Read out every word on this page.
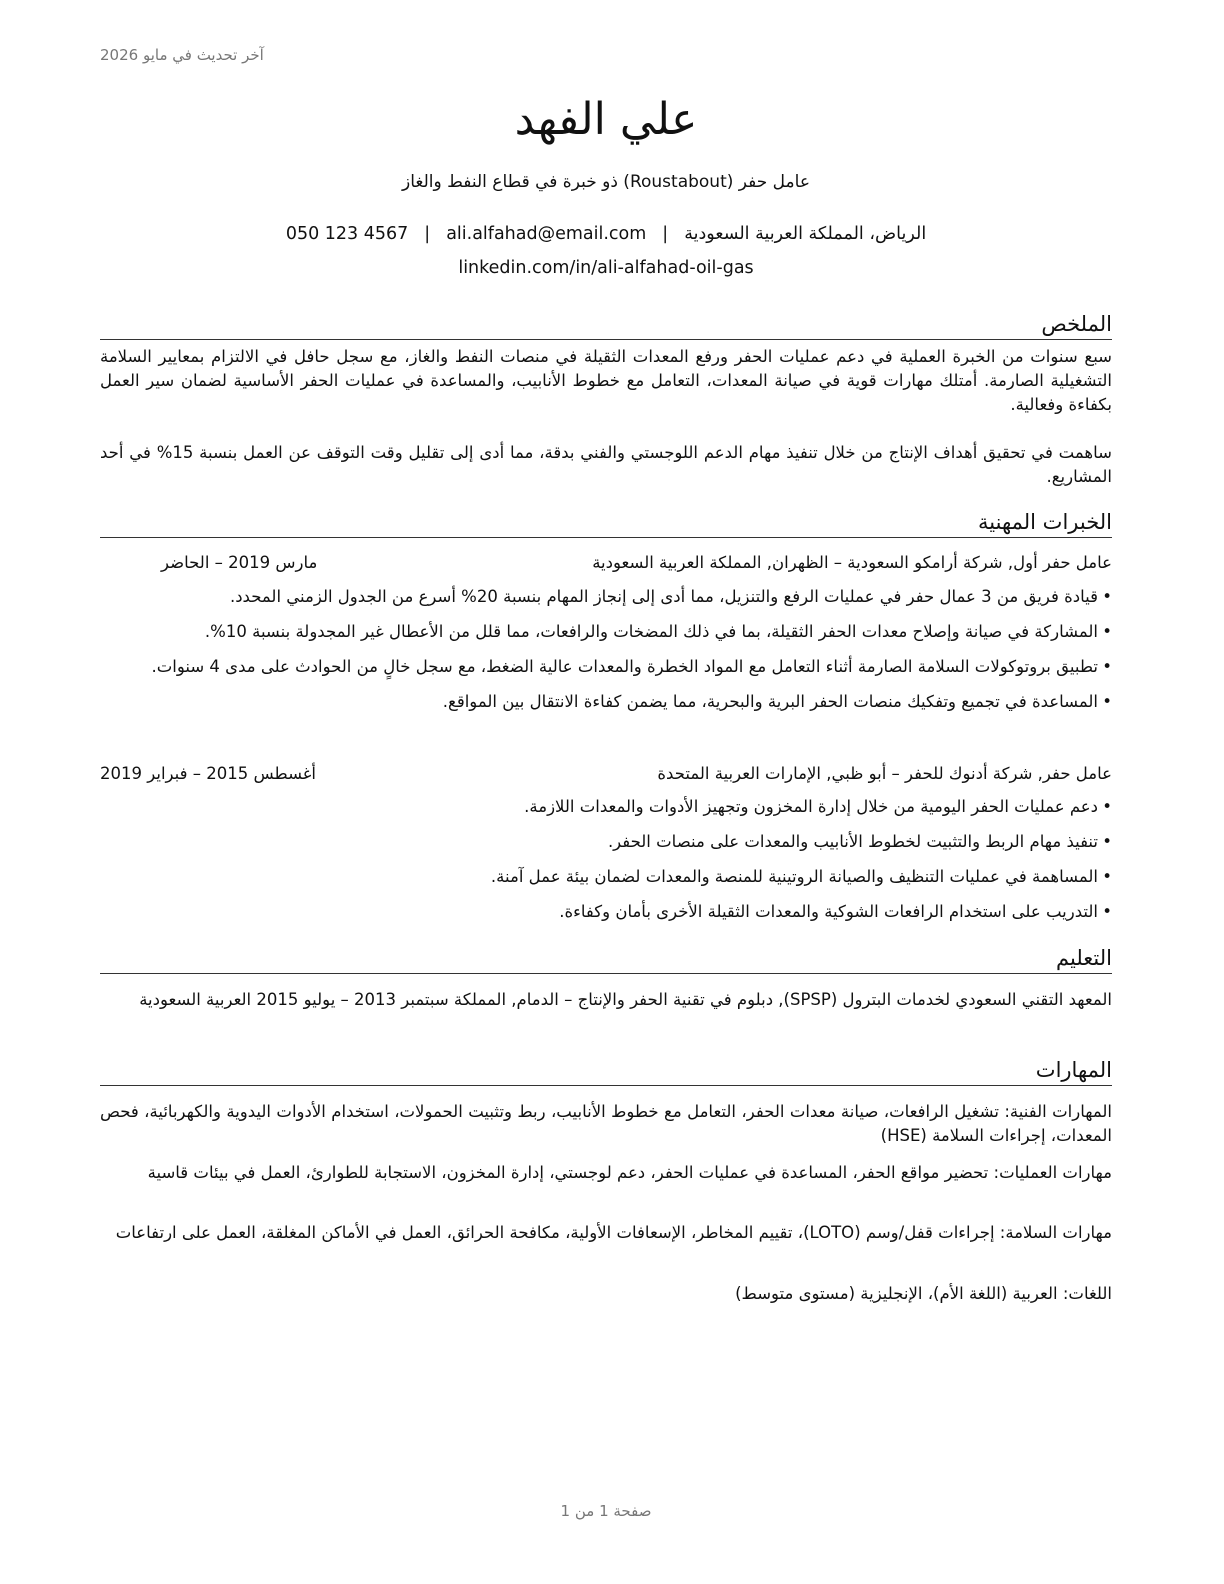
آخر تحديث في مايو 2026
علي الفهد
عامل حفر (Roustabout) ذو خبرة في قطاع النفط والغاز
الرياض، المملكة العربية السعودية|ali.alfahad@email.com|050 123 4567
linkedin.com/in/ali-alfahad-oil-gas
الملخص

سبع سنوات من الخبرة العملية في دعم عمليات الحفر ورفع المعدات الثقيلة في منصات النفط والغاز، مع سجل حافل في الالتزام بمعايير السلامة التشغيلية الصارمة. أمتلك مهارات قوية في صيانة المعدات، التعامل مع خطوط الأنابيب، والمساعدة في عمليات الحفر الأساسية لضمان سير العمل بكفاءة وفعالية.

ساهمت في تحقيق أهداف الإنتاج من خلال تنفيذ مهام الدعم اللوجستي والفني بدقة، مما أدى إلى تقليل وقت التوقف عن العمل بنسبة 15% في أحد المشاريع.

الخبرات المهنية
عامل حفر أول, شركة أرامكو السعودية – الظهران, المملكة العربية السعودية
مارس 2019 – الحاضر
• قيادة فريق من 3 عمال حفر في عمليات الرفع والتنزيل، مما أدى إلى إنجاز المهام بنسبة 20% أسرع من الجدول الزمني المحدد.
• المشاركة في صيانة وإصلاح معدات الحفر الثقيلة، بما في ذلك المضخات والرافعات، مما قلل من الأعطال غير المجدولة بنسبة 10%.
• تطبيق بروتوكولات السلامة الصارمة أثناء التعامل مع المواد الخطرة والمعدات عالية الضغط، مع سجل خالٍ من الحوادث على مدى 4 سنوات.
• المساعدة في تجميع وتفكيك منصات الحفر البرية والبحرية، مما يضمن كفاءة الانتقال بين المواقع.
عامل حفر, شركة أدنوك للحفر – أبو ظبي, الإمارات العربية المتحدة
أغسطس 2015 – فبراير 2019
• دعم عمليات الحفر اليومية من خلال إدارة المخزون وتجهيز الأدوات والمعدات اللازمة.
• تنفيذ مهام الربط والتثبيت لخطوط الأنابيب والمعدات على منصات الحفر.
• المساهمة في عمليات التنظيف والصيانة الروتينية للمنصة والمعدات لضمان بيئة عمل آمنة.
• التدريب على استخدام الرافعات الشوكية والمعدات الثقيلة الأخرى بأمان وكفاءة.
التعليم

المعهد التقني السعودي لخدمات البترول (SPSP), دبلوم في تقنية الحفر والإنتاج – الدمام, المملكة سبتمبر 2013 – يوليو 2015 العربية السعودية

المهارات

المهارات الفنية: تشغيل الرافعات، صيانة معدات الحفر، التعامل مع خطوط الأنابيب، ربط وتثبيت الحمولات، استخدام الأدوات اليدوية والكهربائية، فحص المعدات، إجراءات السلامة (HSE)

مهارات العمليات: تحضير مواقع الحفر، المساعدة في عمليات الحفر، دعم لوجستي، إدارة المخزون، الاستجابة للطوارئ، العمل في بيئات قاسية

مهارات السلامة: إجراءات قفل/وسم (LOTO)، تقييم المخاطر، الإسعافات الأولية، مكافحة الحرائق، العمل في الأماكن المغلقة، العمل على ارتفاعات

اللغات: العربية (اللغة الأم)، الإنجليزية (مستوى متوسط)

صفحة 1 من 1
